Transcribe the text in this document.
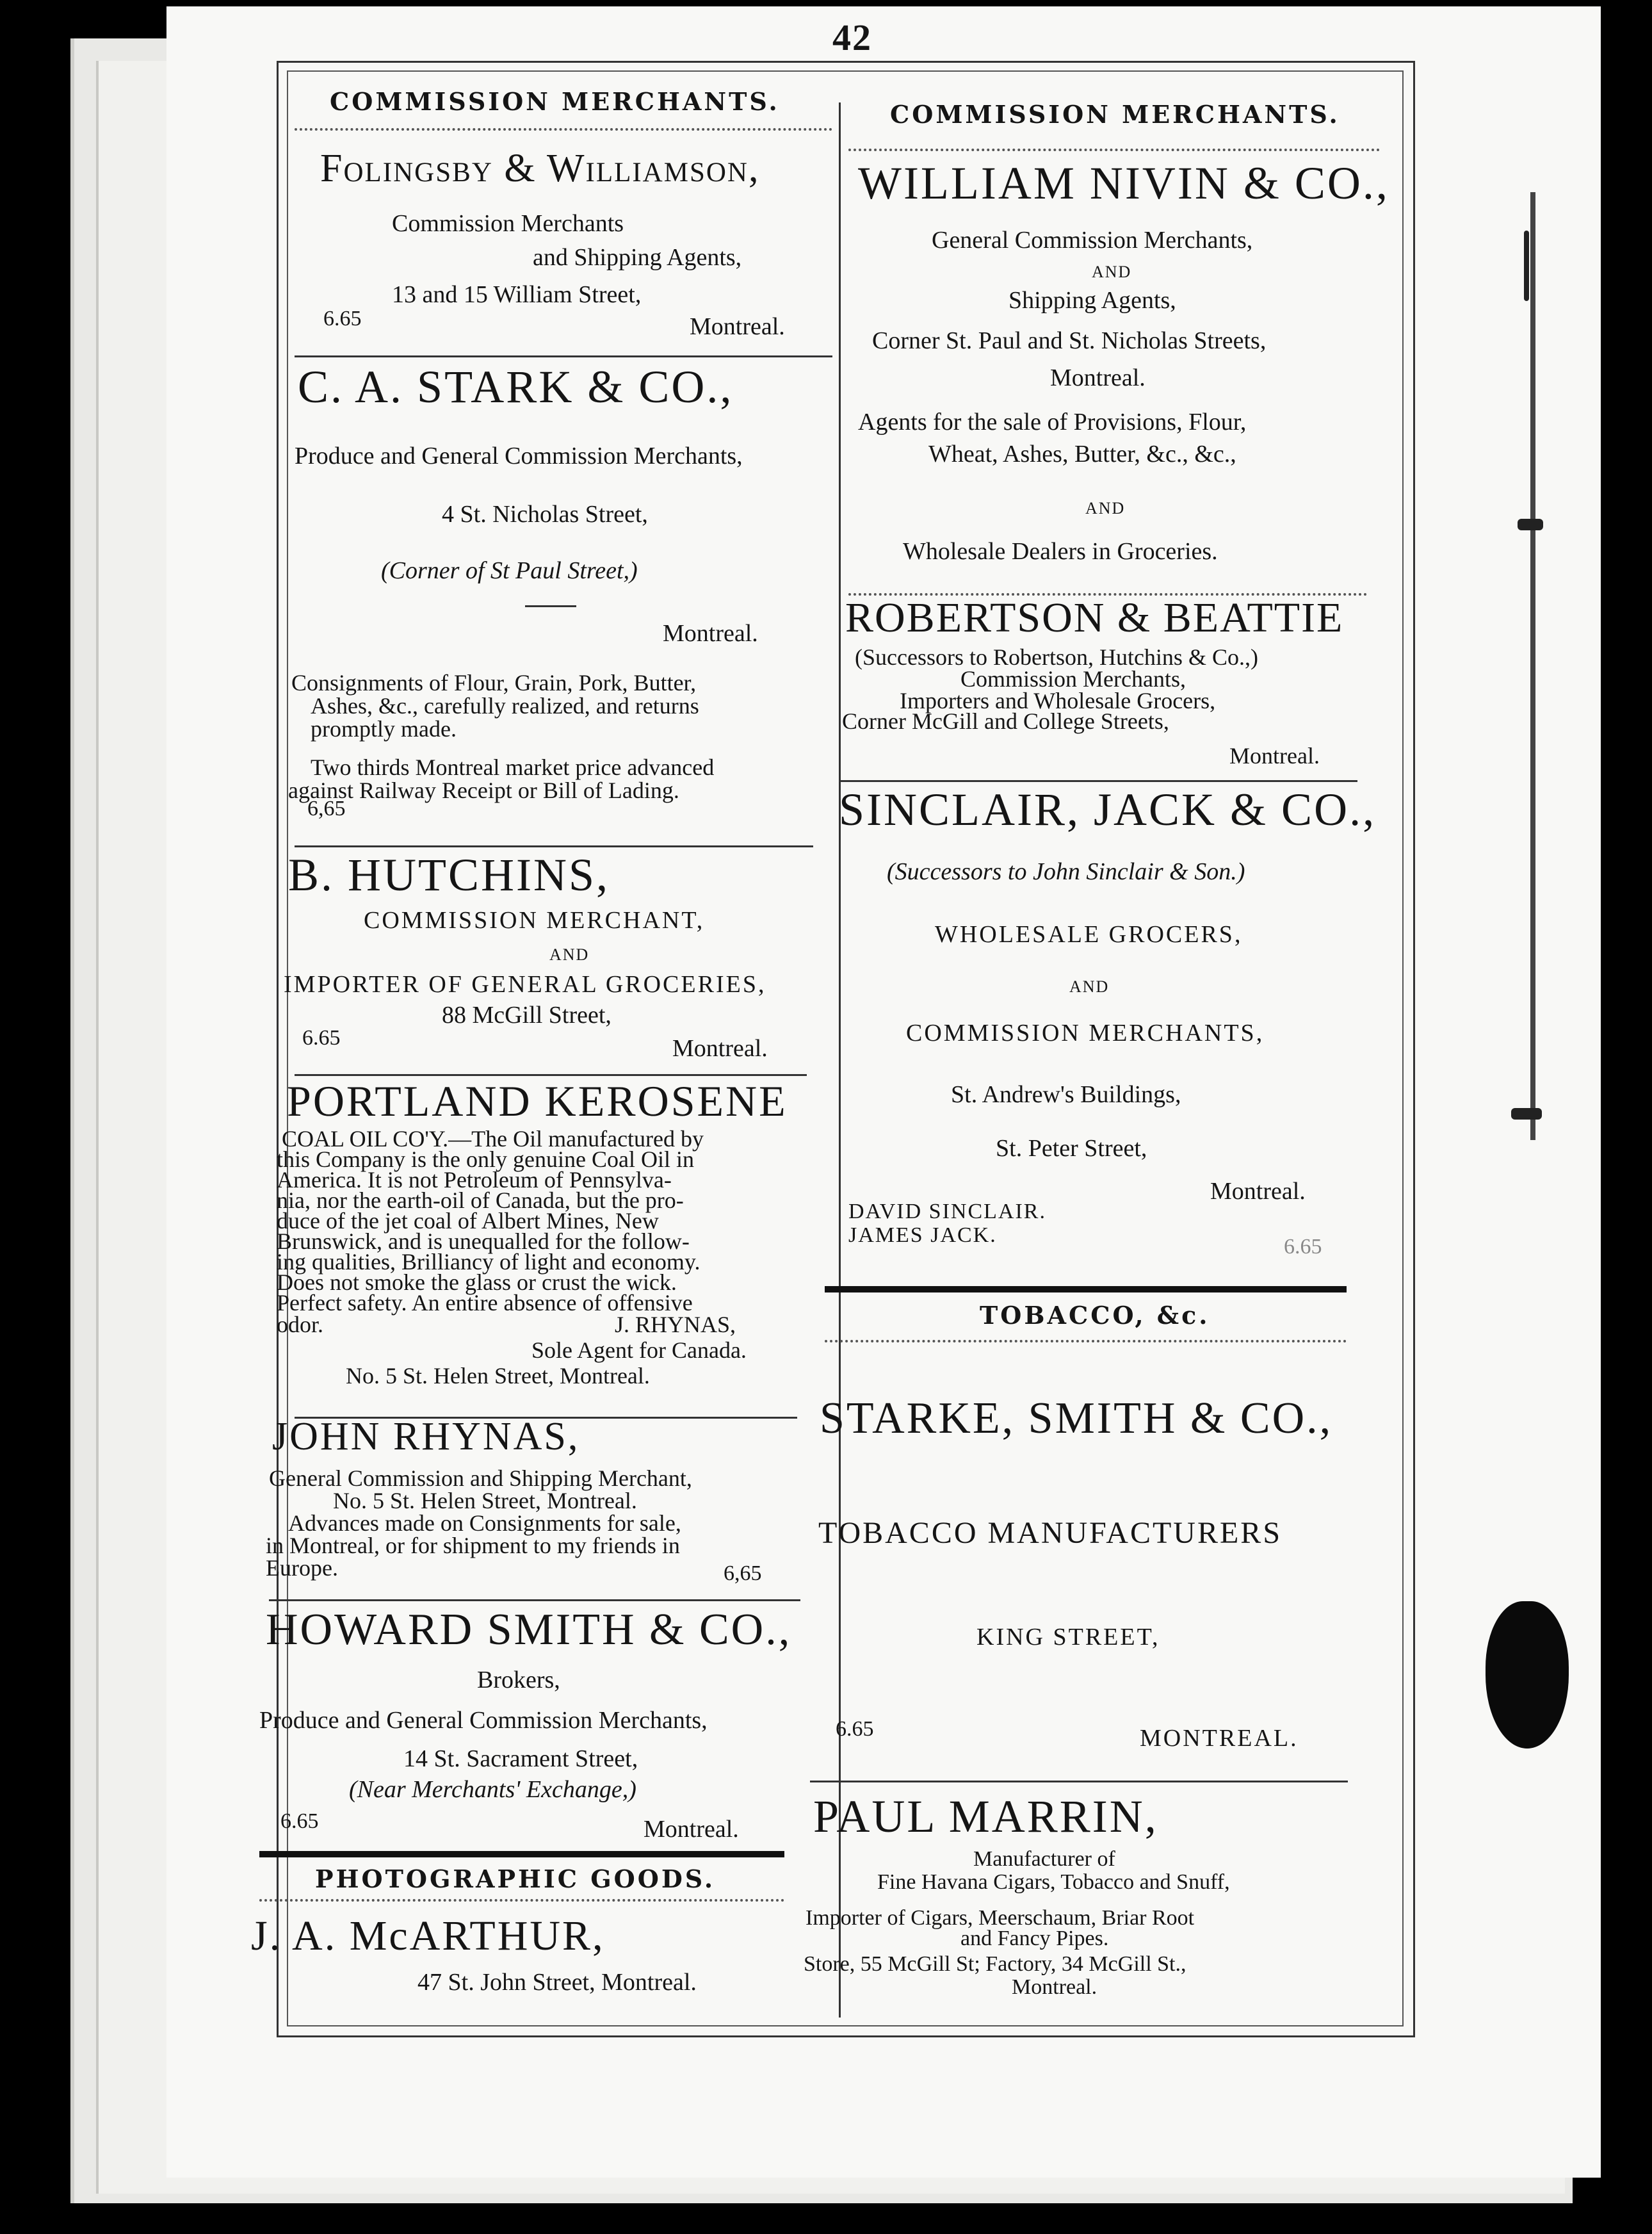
42
COMMISSION MERCHANTS.
Folingsby & Williamson,
Commission Merchants
and Shipping Agents,
13 and 15 William Street,
6.65	Montreal.
C. A. STARK & CO.,
Produce and General Commission Merchants,
4 St. Nicholas Street,
(Corner of St Paul Street,)
Montreal.
Consignments of Flour, Grain, Pork, Butter,
Ashes, &c., carefully realized, and returns
promptly made.
Two thirds Montreal market price advanced
against Railway Receipt or Bill of Lading.
6,65
B. HUTCHINS,
COMMISSION MERCHANT,
AND
IMPORTER OF GENERAL GROCERIES,
88 McGill Street,
6.65	Montreal.
PORTLAND KEROSENE
COAL OIL CO'Y.—The Oil manufactured by
this Company is the only genuine Coal Oil in
America. It is not Petroleum of Pennsylva-
nia, nor the earth-oil of Canada, but the pro-
duce of the jet coal of Albert Mines, New
Brunswick, and is unequalled for the follow-
ing qualities, Brilliancy of light and economy.
Does not smoke the glass or crust the wick.
Perfect safety. An entire absence of offensive
odor.	J. RHYNAS,
Sole Agent for Canada.
No. 5 St. Helen Street, Montreal.
JOHN RHYNAS,
General Commission and Shipping Merchant,
No. 5 St. Helen Street, Montreal.
Advances made on Consignments for sale,
in Montreal, or for shipment to my friends in
Europe.	6,65
HOWARD SMITH & CO.,
Brokers,
Produce and General Commission Merchants,
14 St. Sacrament Street,
(Near Merchants' Exchange,)
6.65	Montreal.
PHOTOGRAPHIC GOODS.
J. A. McARTHUR,
47 St. John Street, Montreal.
COMMISSION MERCHANTS.
WILLIAM NIVIN & CO.,
General Commission Merchants,
AND
Shipping Agents,
Corner St. Paul and St. Nicholas Streets,
Montreal.
Agents for the sale of Provisions, Flour,
Wheat, Ashes, Butter, &c., &c.,
AND
Wholesale Dealers in Groceries.
ROBERTSON & BEATTIE
(Successors to Robertson, Hutchins & Co.,)
Commission Merchants,
Importers and Wholesale Grocers,
Corner McGill and College Streets,
Montreal.
SINCLAIR, JACK & CO.,
(Successors to John Sinclair & Son.)
WHOLESALE GROCERS,
AND
COMMISSION MERCHANTS,
St. Andrew's Buildings,
St. Peter Street,
Montreal.
DAVID SINCLAIR.
JAMES JACK.	6.65
TOBACCO, &c.
STARKE, SMITH & CO.,
TOBACCO MANUFACTURERS
KING STREET,
6.65	MONTREAL.
PAUL MARRIN,
Manufacturer of
Fine Havana Cigars, Tobacco and Snuff,
Importer of Cigars, Meerschaum, Briar Root
and Fancy Pipes.
Store, 55 McGill St; Factory, 34 McGill St.,
Montreal.
